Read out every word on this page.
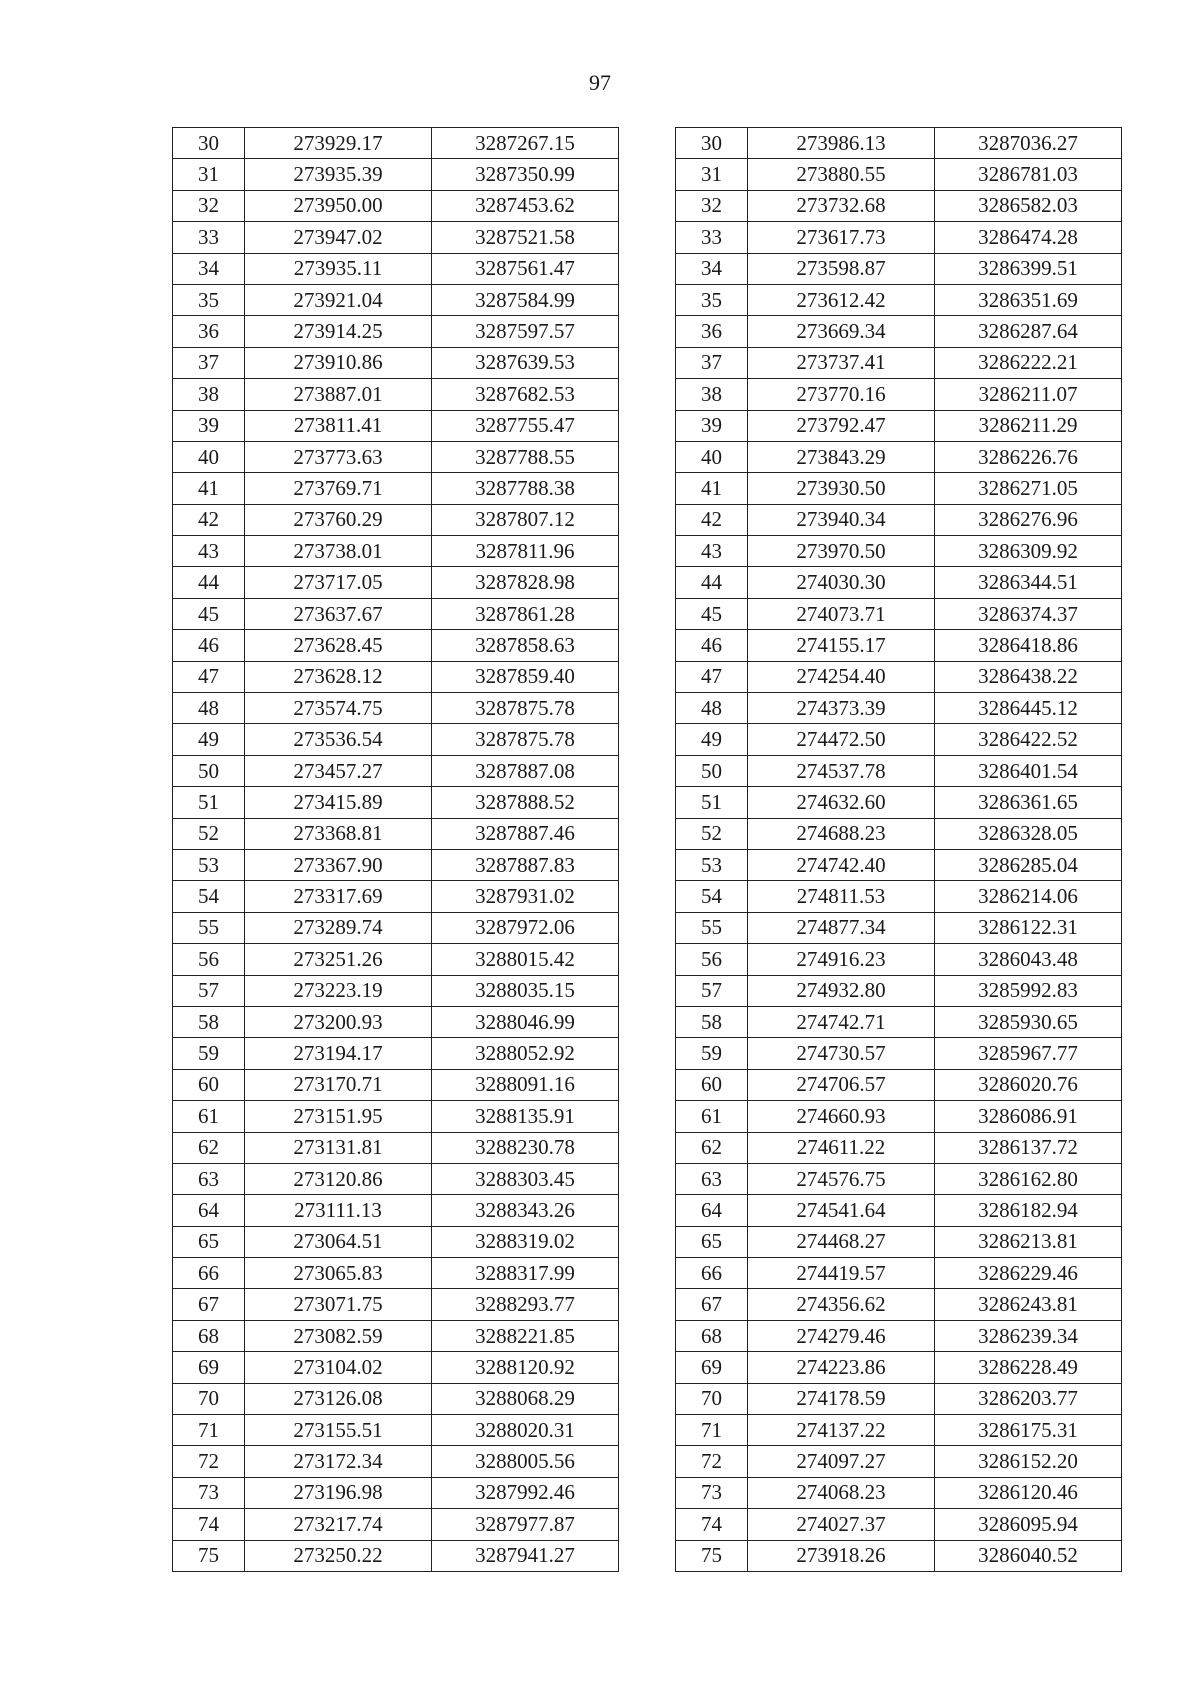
97
30	273929.17	3287267.15		30	273986.13	3287036.27
31	273935.39	3287350.99		31	273880.55	3286781.03
32	273950.00	3287453.62		32	273732.68	3286582.03
33	273947.02	3287521.58		33	273617.73	3286474.28
34	273935.11	3287561.47		34	273598.87	3286399.51
35	273921.04	3287584.99		35	273612.42	3286351.69
36	273914.25	3287597.57		36	273669.34	3286287.64
37	273910.86	3287639.53		37	273737.41	3286222.21
38	273887.01	3287682.53		38	273770.16	3286211.07
39	273811.41	3287755.47		39	273792.47	3286211.29
40	273773.63	3287788.55		40	273843.29	3286226.76
41	273769.71	3287788.38		41	273930.50	3286271.05
42	273760.29	3287807.12		42	273940.34	3286276.96
43	273738.01	3287811.96		43	273970.50	3286309.92
44	273717.05	3287828.98		44	274030.30	3286344.51
45	273637.67	3287861.28		45	274073.71	3286374.37
46	273628.45	3287858.63		46	274155.17	3286418.86
47	273628.12	3287859.40		47	274254.40	3286438.22
48	273574.75	3287875.78		48	274373.39	3286445.12
49	273536.54	3287875.78		49	274472.50	3286422.52
50	273457.27	3287887.08		50	274537.78	3286401.54
51	273415.89	3287888.52		51	274632.60	3286361.65
52	273368.81	3287887.46		52	274688.23	3286328.05
53	273367.90	3287887.83		53	274742.40	3286285.04
54	273317.69	3287931.02		54	274811.53	3286214.06
55	273289.74	3287972.06		55	274877.34	3286122.31
56	273251.26	3288015.42		56	274916.23	3286043.48
57	273223.19	3288035.15		57	274932.80	3285992.83
58	273200.93	3288046.99		58	274742.71	3285930.65
59	273194.17	3288052.92		59	274730.57	3285967.77
60	273170.71	3288091.16		60	274706.57	3286020.76
61	273151.95	3288135.91		61	274660.93	3286086.91
62	273131.81	3288230.78		62	274611.22	3286137.72
63	273120.86	3288303.45		63	274576.75	3286162.80
64	273111.13	3288343.26		64	274541.64	3286182.94
65	273064.51	3288319.02		65	274468.27	3286213.81
66	273065.83	3288317.99		66	274419.57	3286229.46
67	273071.75	3288293.77		67	274356.62	3286243.81
68	273082.59	3288221.85		68	274279.46	3286239.34
69	273104.02	3288120.92		69	274223.86	3286228.49
70	273126.08	3288068.29		70	274178.59	3286203.77
71	273155.51	3288020.31		71	274137.22	3286175.31
72	273172.34	3288005.56		72	274097.27	3286152.20
73	273196.98	3287992.46		73	274068.23	3286120.46
74	273217.74	3287977.87		74	274027.37	3286095.94
75	273250.22	3287941.27		75	273918.26	3286040.52
